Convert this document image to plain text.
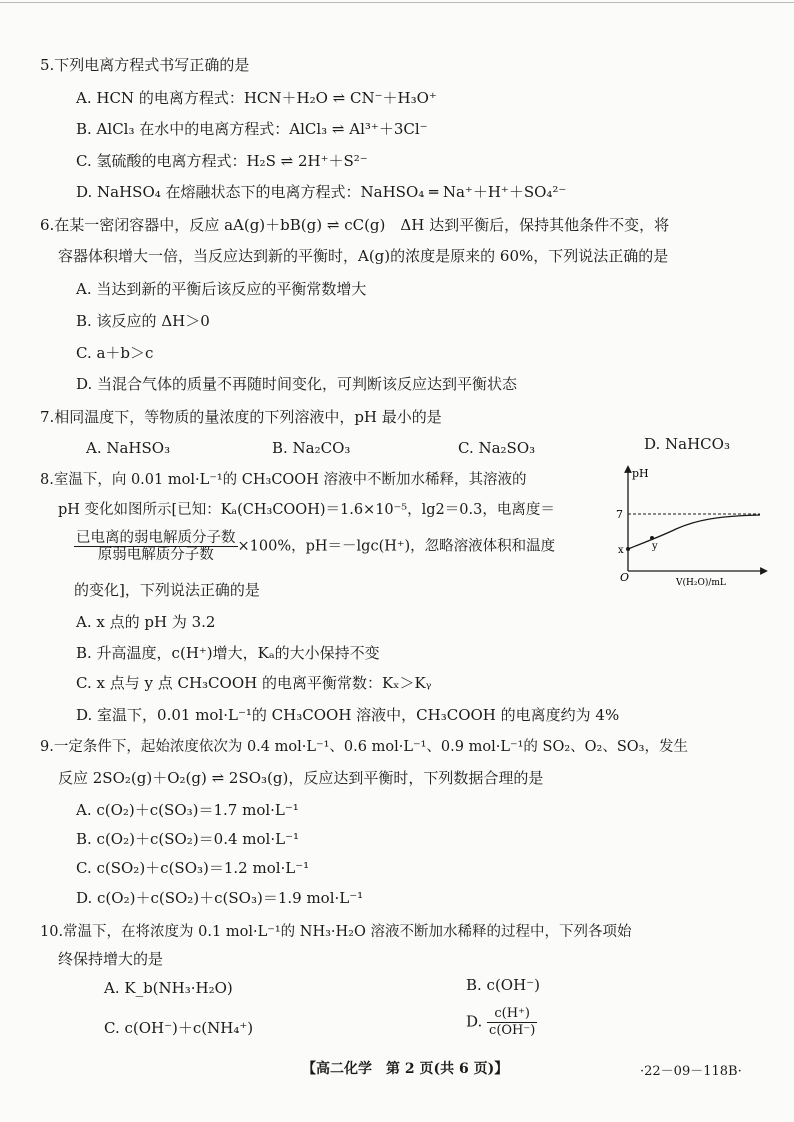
5.下列电离方程式书写正确的是
A. HCN 的电离方程式：HCN＋H₂O ⇌ CN⁻＋H₃O⁺
B. AlCl₃ 在水中的电离方程式：AlCl₃ ⇌ Al³⁺＋3Cl⁻
C. 氢硫酸的电离方程式：H₂S ⇌ 2H⁺＋S²⁻
D. NaHSO₄ 在熔融状态下的电离方程式：NaHSO₄ ═ Na⁺＋H⁺＋SO₄²⁻
6.在某一密闭容器中，反应 aA(g)＋bB(g) ⇌ cC(g)　ΔH 达到平衡后，保持其他条件不变，将
容器体积增大一倍，当反应达到新的平衡时，A(g)的浓度是原来的 60%，下列说法正确的是
A. 当达到新的平衡后该反应的平衡常数增大
B. 该反应的 ΔH＞0
C. a＋b＞c
D. 当混合气体的质量不再随时间变化，可判断该反应达到平衡状态
7.相同温度下，等物质的量浓度的下列溶液中，pH 最小的是
A. NaHSO₃	B. Na₂CO₃	C. Na₂SO₃	D. NaHCO₃
8.室温下，向 0.01 mol·L⁻¹的 CH₃COOH 溶液中不断加水稀释，其溶液的
pH 变化如图所示[已知：Kₐ(CH₃COOH)＝1.6×10⁻⁵，lg2＝0.3，电离度＝
$\frac{\text{已电离的弱电解质分子数}}{\text{原弱电解质分子数}} \times 100\%$，pH＝－lgc(H⁺)，忽略溶液体积和温度
的变化]，下列说法正确的是
A. x 点的 pH 为 3.2
B. 升高温度，c(H⁺)增大，Kₐ的大小保持不变
C. x 点与 y 点 CH₃COOH 的电离平衡常数：Kₓ＞Kᵧ
D. 室温下，0.01 mol·L⁻¹的 CH₃COOH 溶液中，CH₃COOH 的电离度约为 4%
pH
7
x	y
O	V(H₂O)/mL
9.一定条件下，起始浓度依次为 0.4 mol·L⁻¹、0.6 mol·L⁻¹、0.9 mol·L⁻¹的 SO₂、O₂、SO₃，发生
反应 2SO₂(g)＋O₂(g) ⇌ 2SO₃(g)，反应达到平衡时，下列数据合理的是
A. c(O₂)＋c(SO₃)＝1.7 mol·L⁻¹
B. c(O₂)＋c(SO₂)＝0.4 mol·L⁻¹
C. c(SO₂)＋c(SO₃)＝1.2 mol·L⁻¹
D. c(O₂)＋c(SO₂)＋c(SO₃)＝1.9 mol·L⁻¹
10.常温下，在将浓度为 0.1 mol·L⁻¹的 NH₃·H₂O 溶液不断加水稀释的过程中，下列各项始
终保持增大的是
A. K_b(NH₃·H₂O)	B. c(OH⁻)
C. c(OH⁻)＋c(NH₄⁺)	D. $\frac{c(H^+)}{c(OH^-)}$
【高二化学　第 2 页(共 6 页)】	·22－09－118B·
